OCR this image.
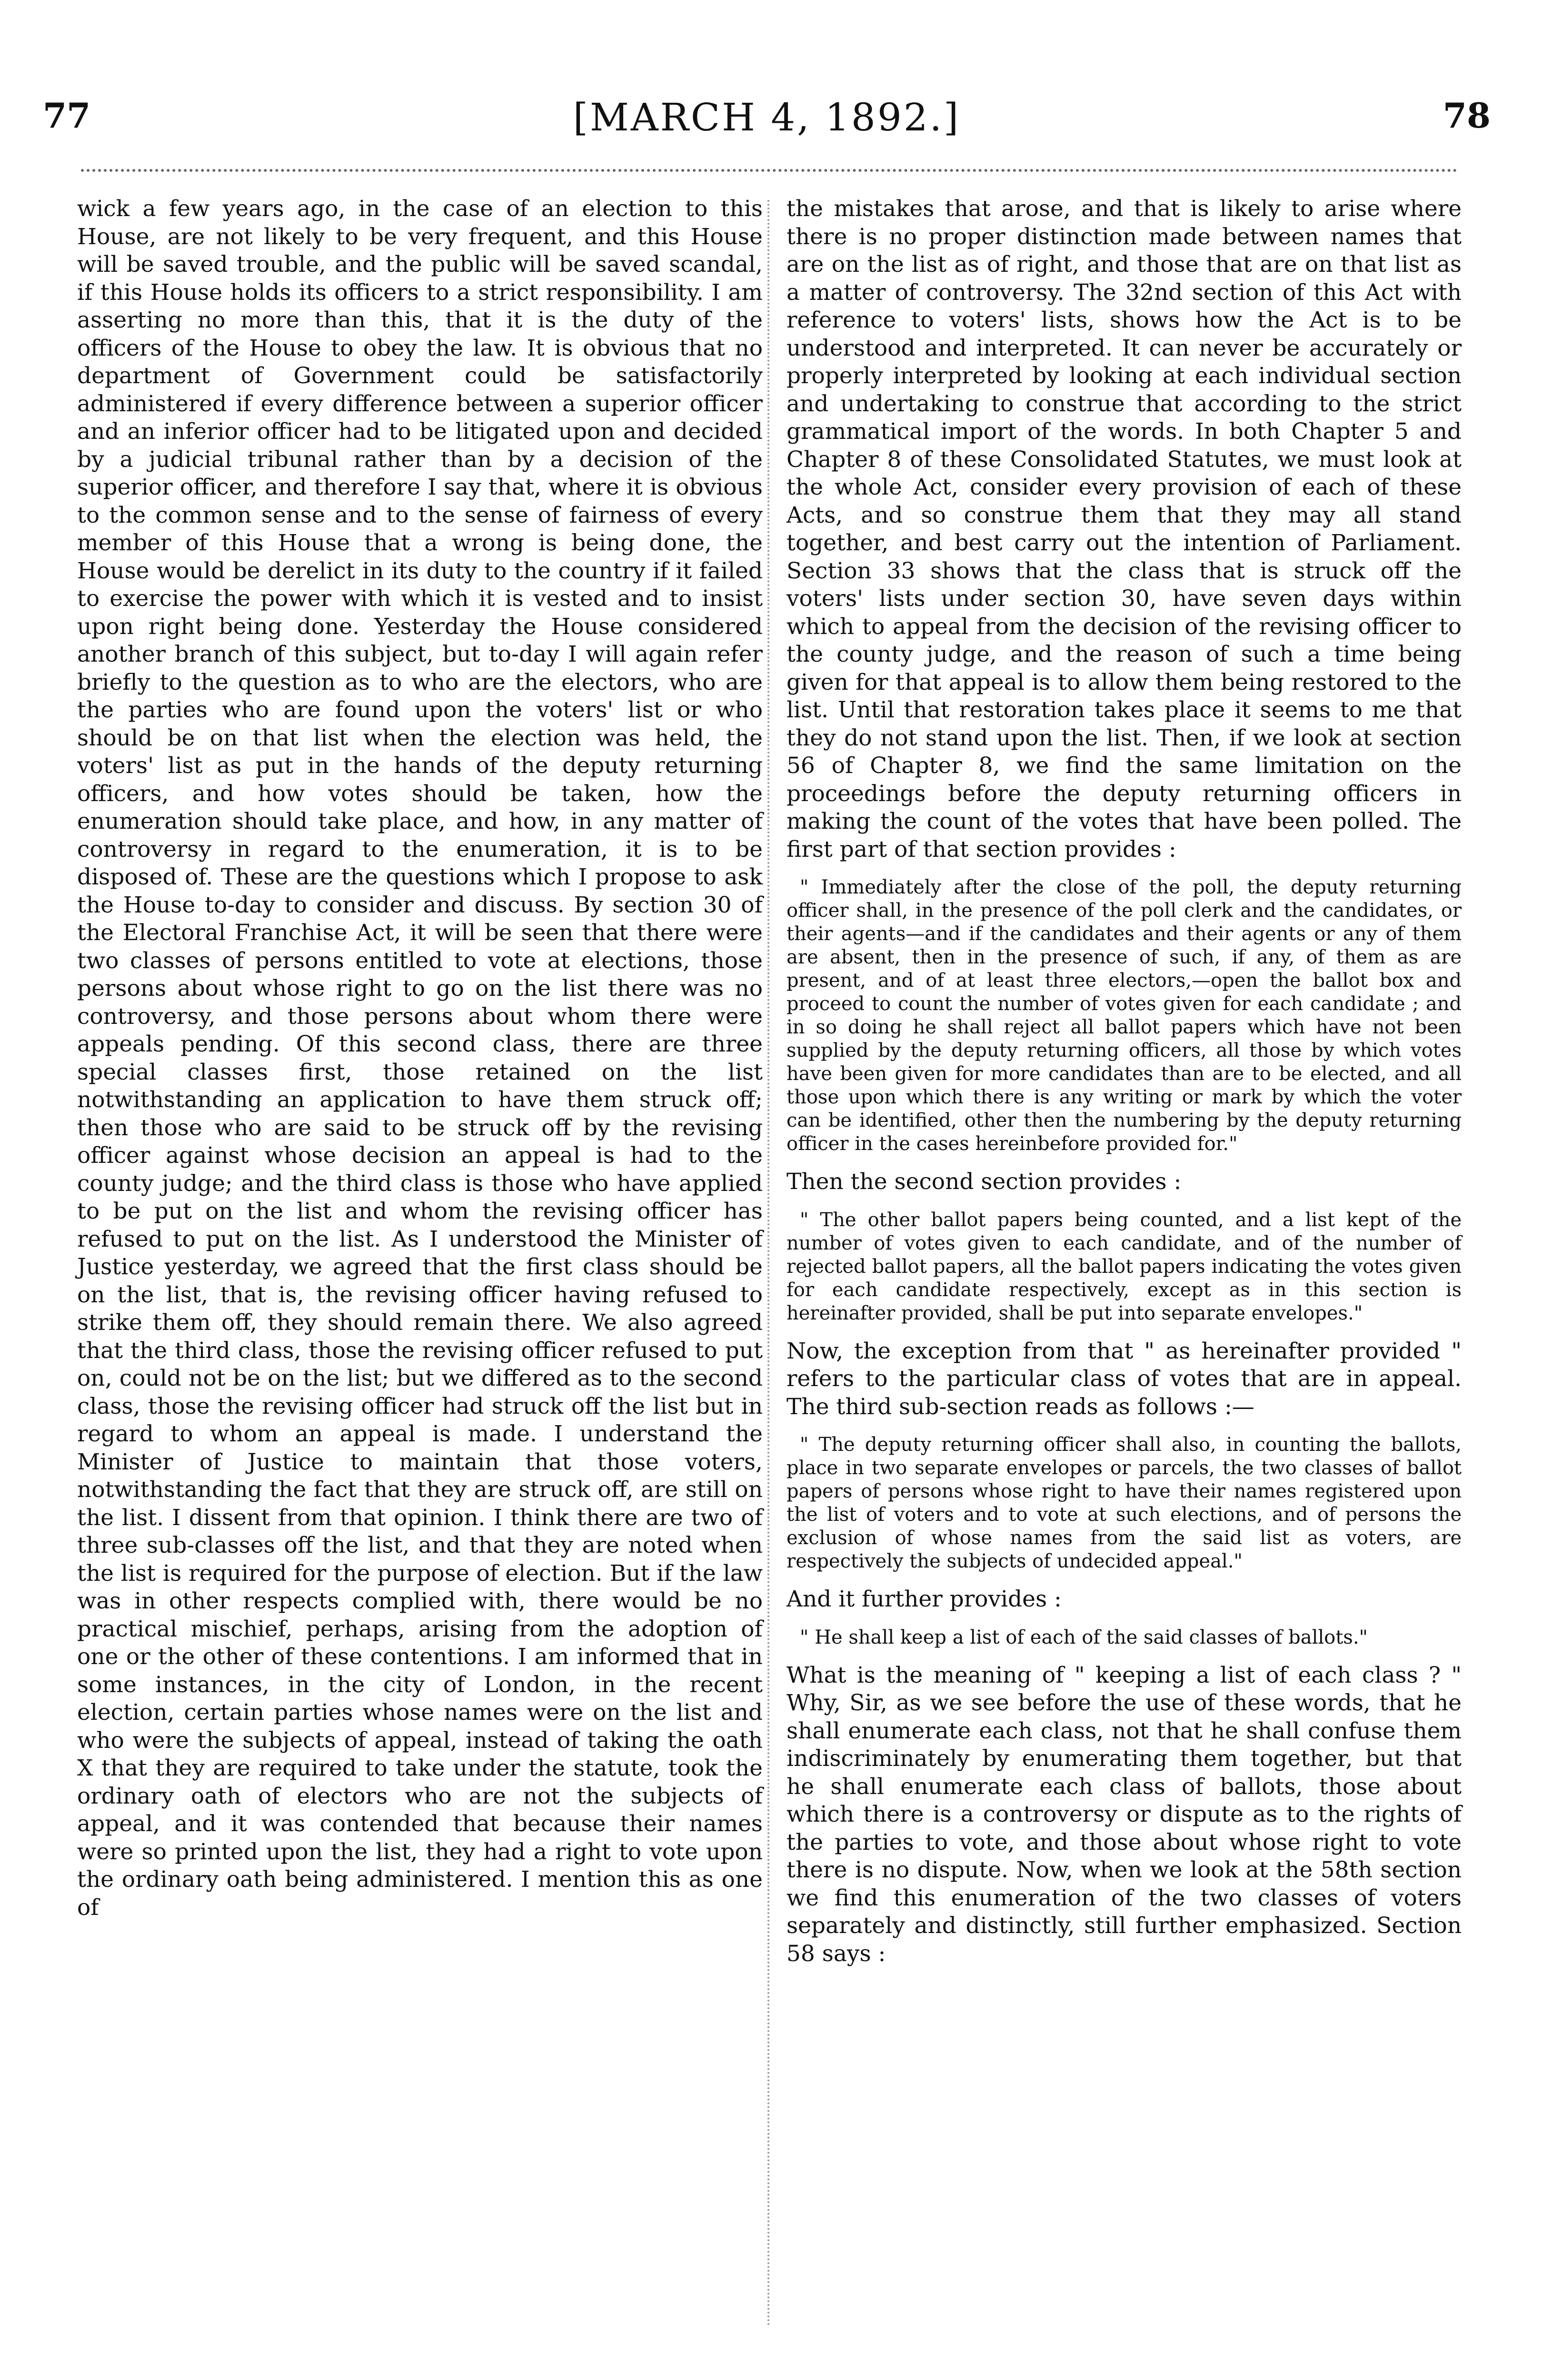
77	[MARCH 4, 1892.]	78

wick a few years ago, in the case of an election to this House, are not likely to be very frequent, and this House will be saved trouble, and the public will be saved scandal, if this House holds its officers to a strict responsibility. I am asserting no more than this, that it is the duty of the officers of the House to obey the law. It is obvious that no department of Government could be satisfactorily administered if every difference between a superior officer and an inferior officer had to be litigated upon and decided by a judicial tribunal rather than by a decision of the superior officer, and therefore I say that, where it is obvious to the common sense and to the sense of fairness of every member of this House that a wrong is being done, the House would be derelict in its duty to the country if it failed to exercise the power with which it is vested and to insist upon right being done. Yesterday the House considered another branch of this subject, but to-day I will again refer briefly to the question as to who are the electors, who are the parties who are found upon the voters' list or who should be on that list when the election was held, the voters' list as put in the hands of the deputy returning officers, and how votes should be taken, how the enumeration should take place, and how, in any matter of controversy in regard to the enumeration, it is to be disposed of. These are the questions which I propose to ask the House to-day to consider and discuss. By section 30 of the Electoral Franchise Act, it will be seen that there were two classes of persons entitled to vote at elections, those persons about whose right to go on the list there was no controversy, and those persons about whom there were appeals pending. Of this second class, there are three special classes first, those retained on the list notwithstanding an application to have them struck off; then those who are said to be struck off by the revising officer against whose decision an appeal is had to the county judge; and the third class is those who have applied to be put on the list and whom the revising officer has refused to put on the list. As I understood the Minister of Justice yesterday, we agreed that the first class should be on the list, that is, the revising officer having refused to strike them off, they should remain there. We also agreed that the third class, those the revising officer refused to put on, could not be on the list; but we differed as to the second class, those the revising officer had struck off the list but in regard to whom an appeal is made. I understand the Minister of Justice to maintain that those voters, notwithstanding the fact that they are struck off, are still on the list. I dissent from that opinion. I think there are two of three sub-classes off the list, and that they are noted when the list is required for the purpose of election. But if the law was in other respects complied with, there would be no practical mischief, perhaps, arising from the adoption of one or the other of these contentions. I am informed that in some instances, in the city of London, in the recent election, certain parties whose names were on the list and who were the subjects of appeal, instead of taking the oath X that they are required to take under the statute, took the ordinary oath of electors who are not the subjects of appeal, and it was contended that because their names were so printed upon the list, they had a right to vote upon the ordinary oath being administered. I mention this as one of

the mistakes that arose, and that is likely to arise where there is no proper distinction made between names that are on the list as of right, and those that are on that list as a matter of controversy. The 32nd section of this Act with reference to voters' lists, shows how the Act is to be understood and interpreted. It can never be accurately or properly interpreted by looking at each individual section and undertaking to construe that according to the strict grammatical import of the words. In both Chapter 5 and Chapter 8 of these Consolidated Statutes, we must look at the whole Act, consider every provision of each of these Acts, and so construe them that they may all stand together, and best carry out the intention of Parliament. Section 33 shows that the class that is struck off the voters' lists under section 30, have seven days within which to appeal from the decision of the revising officer to the county judge, and the reason of such a time being given for that appeal is to allow them being restored to the list. Until that restoration takes place it seems to me that they do not stand upon the list. Then, if we look at section 56 of Chapter 8, we find the same limitation on the proceedings before the deputy returning officers in making the count of the votes that have been polled. The first part of that section provides :

" Immediately after the close of the poll, the deputy returning officer shall, in the presence of the poll clerk and the candidates, or their agents—and if the candidates and their agents or any of them are absent, then in the presence of such, if any, of them as are present, and of at least three electors,—open the ballot box and proceed to count the number of votes given for each candidate ; and in so doing he shall reject all ballot papers which have not been supplied by the deputy returning officers, all those by which votes have been given for more candidates than are to be elected, and all those upon which there is any writing or mark by which the voter can be identified, other then the numbering by the deputy returning officer in the cases hereinbefore provided for."

Then the second section provides :

" The other ballot papers being counted, and a list kept of the number of votes given to each candidate, and of the number of rejected ballot papers, all the ballot papers indicating the votes given for each candidate respectively, except as in this section is hereinafter provided, shall be put into separate envelopes."

Now, the exception from that " as hereinafter provided " refers to the particular class of votes that are in appeal. The third sub-section reads as follows :—

" The deputy returning officer shall also, in counting the ballots, place in two separate envelopes or parcels, the two classes of ballot papers of persons whose right to have their names registered upon the list of voters and to vote at such elections, and of persons the exclusion of whose names from the said list as voters, are respectively the subjects of undecided appeal."

And it further provides :

" He shall keep a list of each of the said classes of ballots."

What is the meaning of " keeping a list of each class ? " Why, Sir, as we see before the use of these words, that he shall enumerate each class, not that he shall confuse them indiscriminately by enumerating them together, but that he shall enumerate each class of ballots, those about which there is a controversy or dispute as to the rights of the parties to vote, and those about whose right to vote there is no dispute. Now, when we look at the 58th section we find this enumeration of the two classes of voters separately and distinctly, still further emphasized. Section 58 says :
